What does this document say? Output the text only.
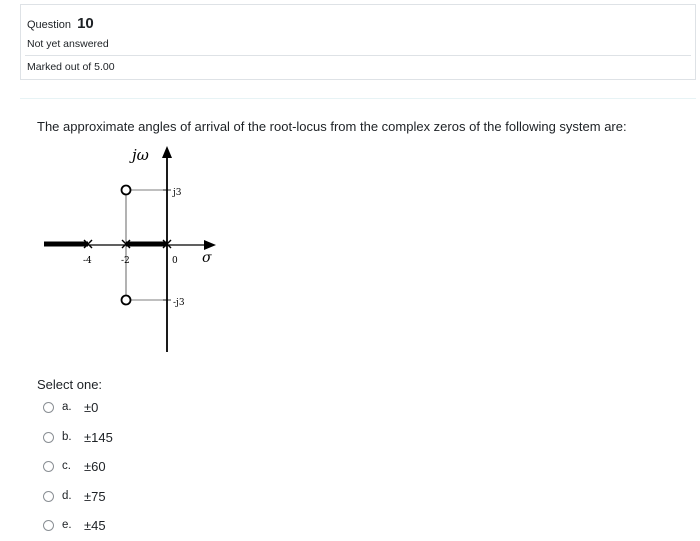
Question 10
Not yet answered
Marked out of 5.00
The approximate angles of arrival of the root-locus from the complex zeros of the following system are:
jω
σ
j3
-j3
-4	-2	0
Select one:
a. ±0
b. ±145
c.	±60
d. ±75
e. ±45
